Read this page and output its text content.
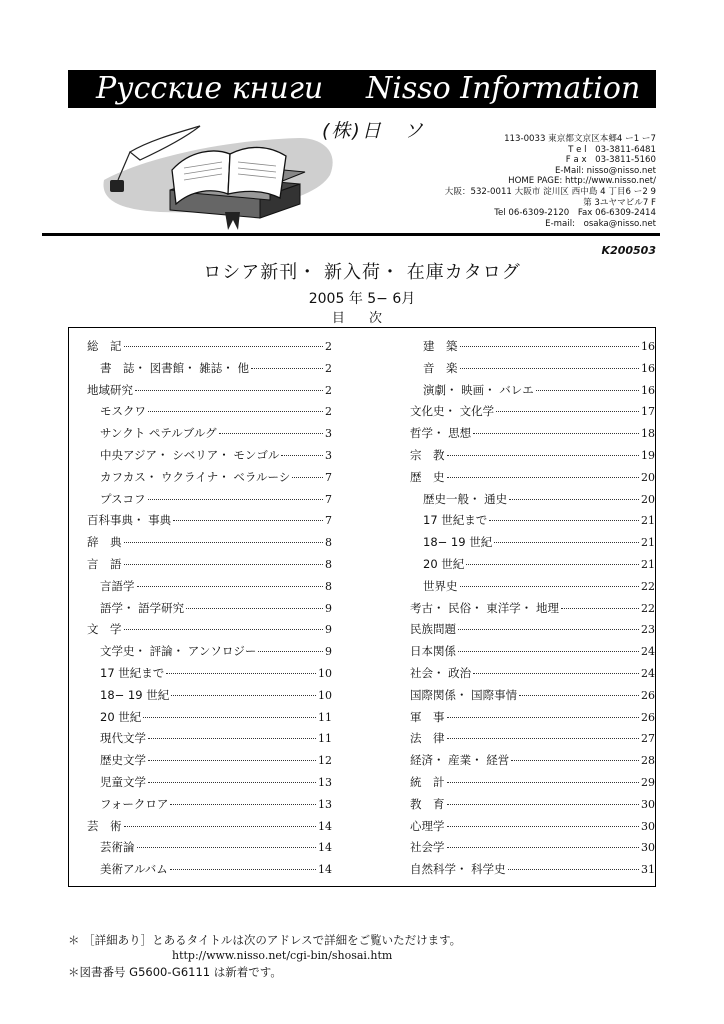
Русские книги Nisso Information
(株)日　ソ	113-0033 東京都文京区本郷4 ー1 ー7
T e l　03-3811-6481
F a x　03-3811-5160
E-Mail: nisso@nisso.net
HOME PAGE: http://www.nisso.net/
大阪：532-0011 大阪市 淀川区 西中島 4 丁目6 ー2 9
第 3ユヤマビル7 F
Tel 06-6309-2120　Fax 06-6309-2414
E-mail:　osaka@nisso.net
K200503
ロシア新刊・ 新入荷・ 在庫カタログ
2005 年 5− 6月
目 次
総　記	2
書　誌・ 図書館・ 雑誌・ 他	2
地域研究	2
モスクワ	2
サンクト ペテルブルグ	3
中央アジア・ シベリア・ モンゴル	3
カフカス・ ウクライナ・ ベラルーシ	7
プスコフ	7
百科事典・ 事典	7
辞　典	8
言　語	8
言語学	8
語学・ 語学研究	9
文　学	9
文学史・ 評論・ アンソロジー	9
17 世紀まで	10
18− 19 世紀	10
20 世紀	11
現代文学	11
歴史文学	12
児童文学	13
フォークロア	13
芸　術	14
芸術論	14
美術アルバム	14
建　築	16
音　楽	16
演劇・ 映画・ バレエ	16
文化史・ 文化学	17
哲学・ 思想	18
宗　教	19
歴　史	20
歴史一般・ 通史	20
17 世紀まで	21
18− 19 世紀	21
20 世紀	21
世界史	22
考古・ 民俗・ 東洋学・ 地理	22
民族問題	23
日本関係	24
社会・ 政治	24
国際関係・ 国際事情	26
軍　事	26
法　律	27
経済・ 産業・ 経営	28
統　計	29
教　育	30
心理学	30
社会学	30
自然科学・ 科学史	31
＊ ［詳細あり］とあるタイトルは次のアドレスで詳細をご覧いただけます。
http://www.nisso.net/cgi-bin/shosai.htm
＊図書番号 G5600-G6111 は新着です。
